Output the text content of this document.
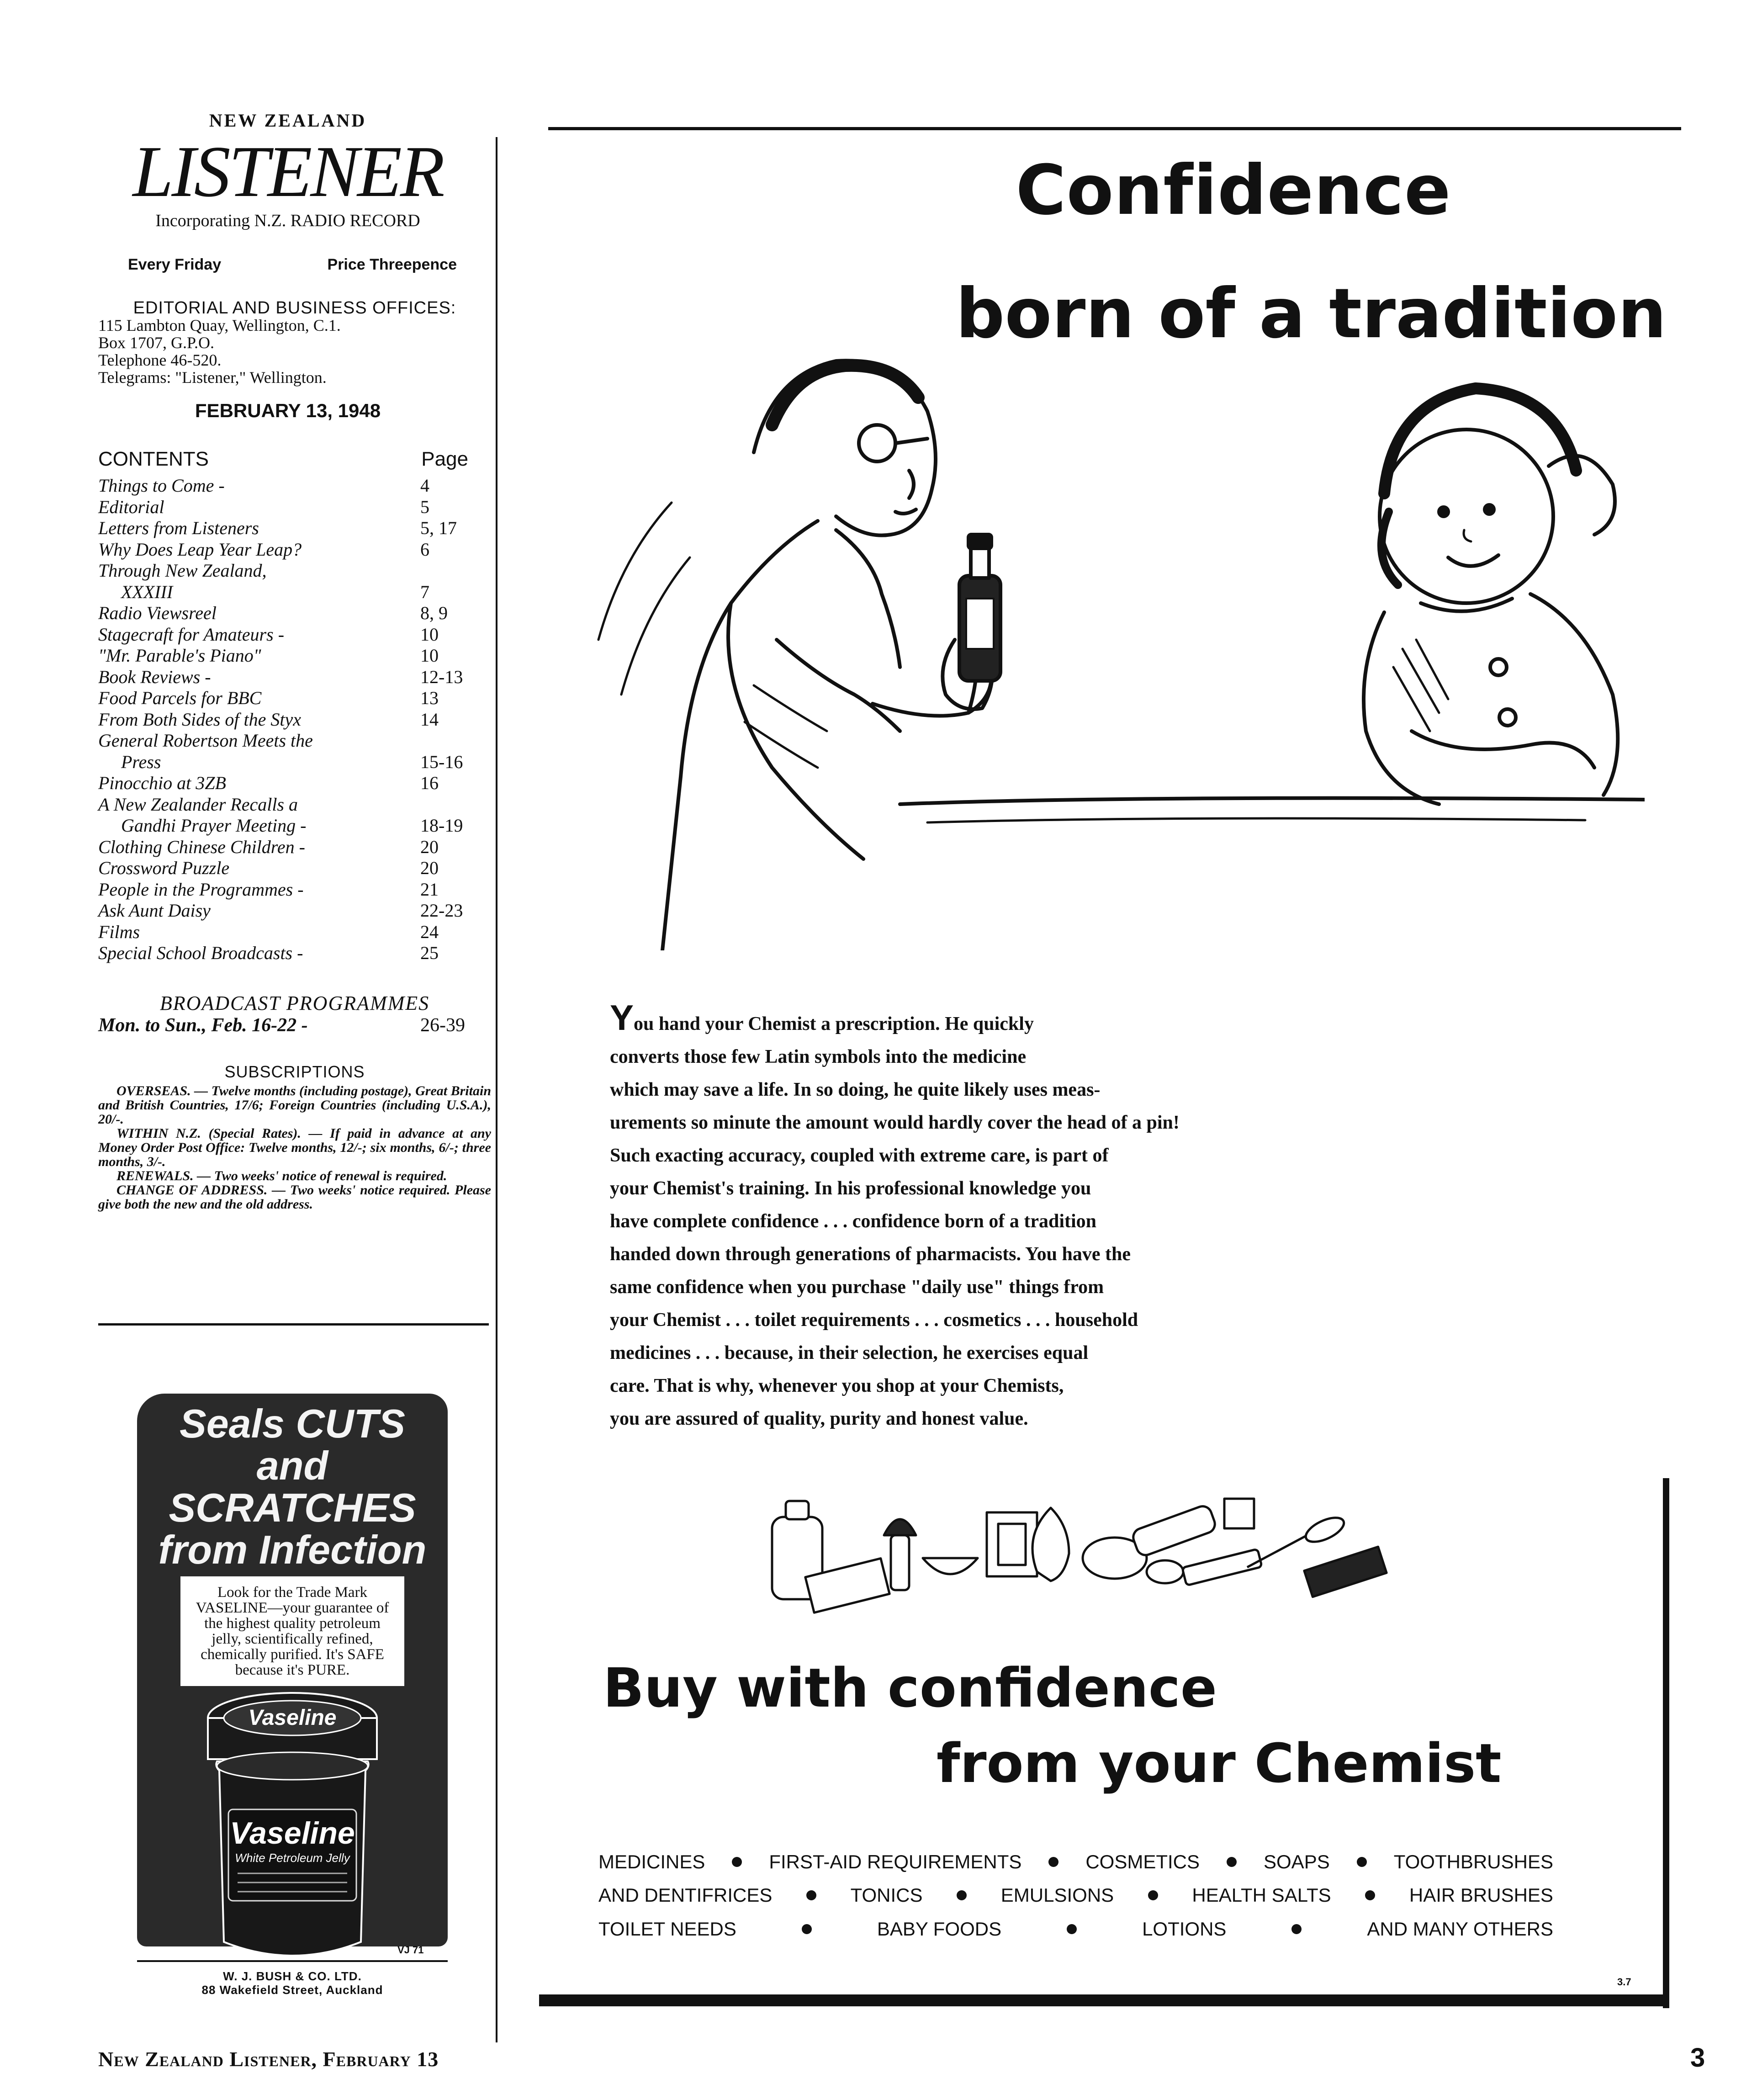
NEW ZEALAND
LISTENER
Incorporating N.Z. RADIO RECORD
Every Friday	Price Threepence
EDITORIAL AND BUSINESS OFFICES:
115 Lambton Quay, Wellington, C.1.
Box 1707, G.P.O.
Telephone 46-520.
Telegrams: "Listener," Wellington.
FEBRUARY 13, 1948
CONTENTS	Page
Things to Come -	4
Editorial	5
Letters from Listeners	5, 17
Why Does Leap Year Leap?	6
Through New Zealand,
XXXIII	7
Radio Viewsreel	8, 9
Stagecraft for Amateurs -	10
"Mr. Parable's Piano"	10
Book Reviews -	12-13
Food Parcels for BBC	13
From Both Sides of the Styx	14
General Robertson Meets the
Press	15-16
Pinocchio at 3ZB	16
A New Zealander Recalls a
Gandhi Prayer Meeting -	18-19
Clothing Chinese Children -	20
Crossword Puzzle	20
People in the Programmes -	21
Ask Aunt Daisy	22-23
Films	24
Special School Broadcasts -	25
BROADCAST PROGRAMMES
Mon. to Sun., Feb. 16-22 -	26-39
SUBSCRIPTIONS

OVERSEAS. — Twelve months (including postage), Great Britain and British Countries, 17/6; Foreign Countries (including U.S.A.), 20/-.

WITHIN N.Z. (Special Rates). — If paid in advance at any Money Order Post Office: Twelve months, 12/-; six months, 6/-; three months, 3/-.

RENEWALS. — Two weeks' notice of renewal is required.

CHANGE OF ADDRESS. — Two weeks' notice required. Please give both the new and the old address.

Seals CUTS
and
SCRATCHES
from Infection
Look for the Trade Mark VASELINE—your guarantee of the highest quality petroleum jelly, scientifically refined, chemically purified. It's SAFE because it's PURE.
Vaseline
Vaseline
White Petroleum Jelly
VJ 71
W. J. BUSH & CO. LTD.
88 Wakefield Street, Auckland
Confidence
born of a tradition
You hand your Chemist a prescription. He quickly
converts those few Latin symbols into the medicine
which may save a life. In so doing, he quite likely uses meas-
urements so minute the amount would hardly cover the head of a pin!
Such exacting accuracy, coupled with extreme care, is part of
your Chemist's training. In his professional knowledge you
have complete confidence . . . confidence born of a tradition
handed down through generations of pharmacists. You have the
same confidence when you purchase "daily use" things from
your Chemist . . . toilet requirements . . . cosmetics . . . household
medicines . . . because, in their selection, he exercises equal
care. That is why, whenever you shop at your Chemists,
you are assured of quality, purity and honest value.
Buy with confidence
from your Chemist
MEDICINES	FIRST-AID REQUIREMENTS	COSMETICS	SOAPS	TOOTHBRUSHES
AND DENTIFRICES	TONICS	EMULSIONS	HEALTH SALTS	HAIR BRUSHES
TOILET NEEDS	BABY FOODS	LOTIONS	AND MANY OTHERS
3.7
New Zealand Listener, February 13	3
